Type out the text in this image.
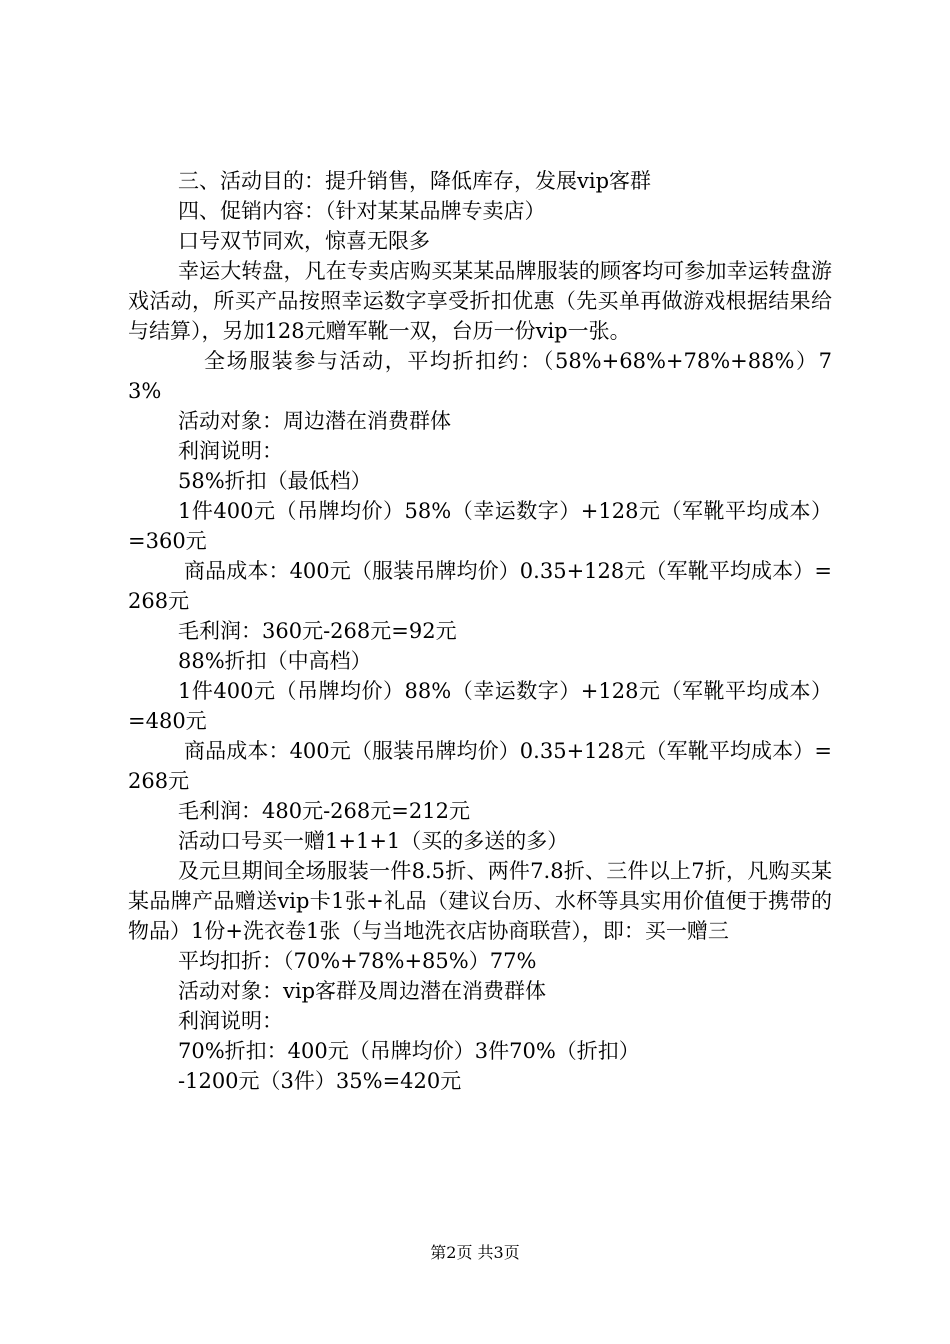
三、活动目的：提升销售，降低库存，发展vip客群

四、促销内容：（针对某某品牌专卖店）

口号双节同欢，惊喜无限多

幸运大转盘，凡在专卖店购买某某品牌服装的顾客均可参加幸运转盘游戏活动，所买产品按照幸运数字享受折扣优惠（先买单再做游戏根据结果给与结算），另加128元赠军靴一双，台历一份vip一张。

全场服装参与活动，平均折扣约：（58%+68%+78%+88%）73%

活动对象：周边潜在消费群体

利润说明：

58%折扣（最低档）

1件400元（吊牌均价）58%（幸运数字）+128元（军靴平均成本）=360元

商品成本：400元（服装吊牌均价）0.35+128元（军靴平均成本）=268元

毛利润：360元-268元=92元

88%折扣（中高档）

1件400元（吊牌均价）88%（幸运数字）+128元（军靴平均成本）=480元

商品成本：400元（服装吊牌均价）0.35+128元（军靴平均成本）=268元

毛利润：480元-268元=212元

活动口号买一赠1+1+1（买的多送的多）

及元旦期间全场服装一件8.5折、两件7.8折、三件以上7折，凡购买某某品牌产品赠送vip卡1张+礼品（建议台历、水杯等具实用价值便于携带的物品）1份+洗衣卷1张（与当地洗衣店协商联营），即：买一赠三

平均扣折：（70%+78%+85%）77%

活动对象：vip客群及周边潜在消费群体

利润说明：

70%折扣：400元（吊牌均价）3件70%（折扣）

-1200元（3件）35%=420元

第2页 共3页
